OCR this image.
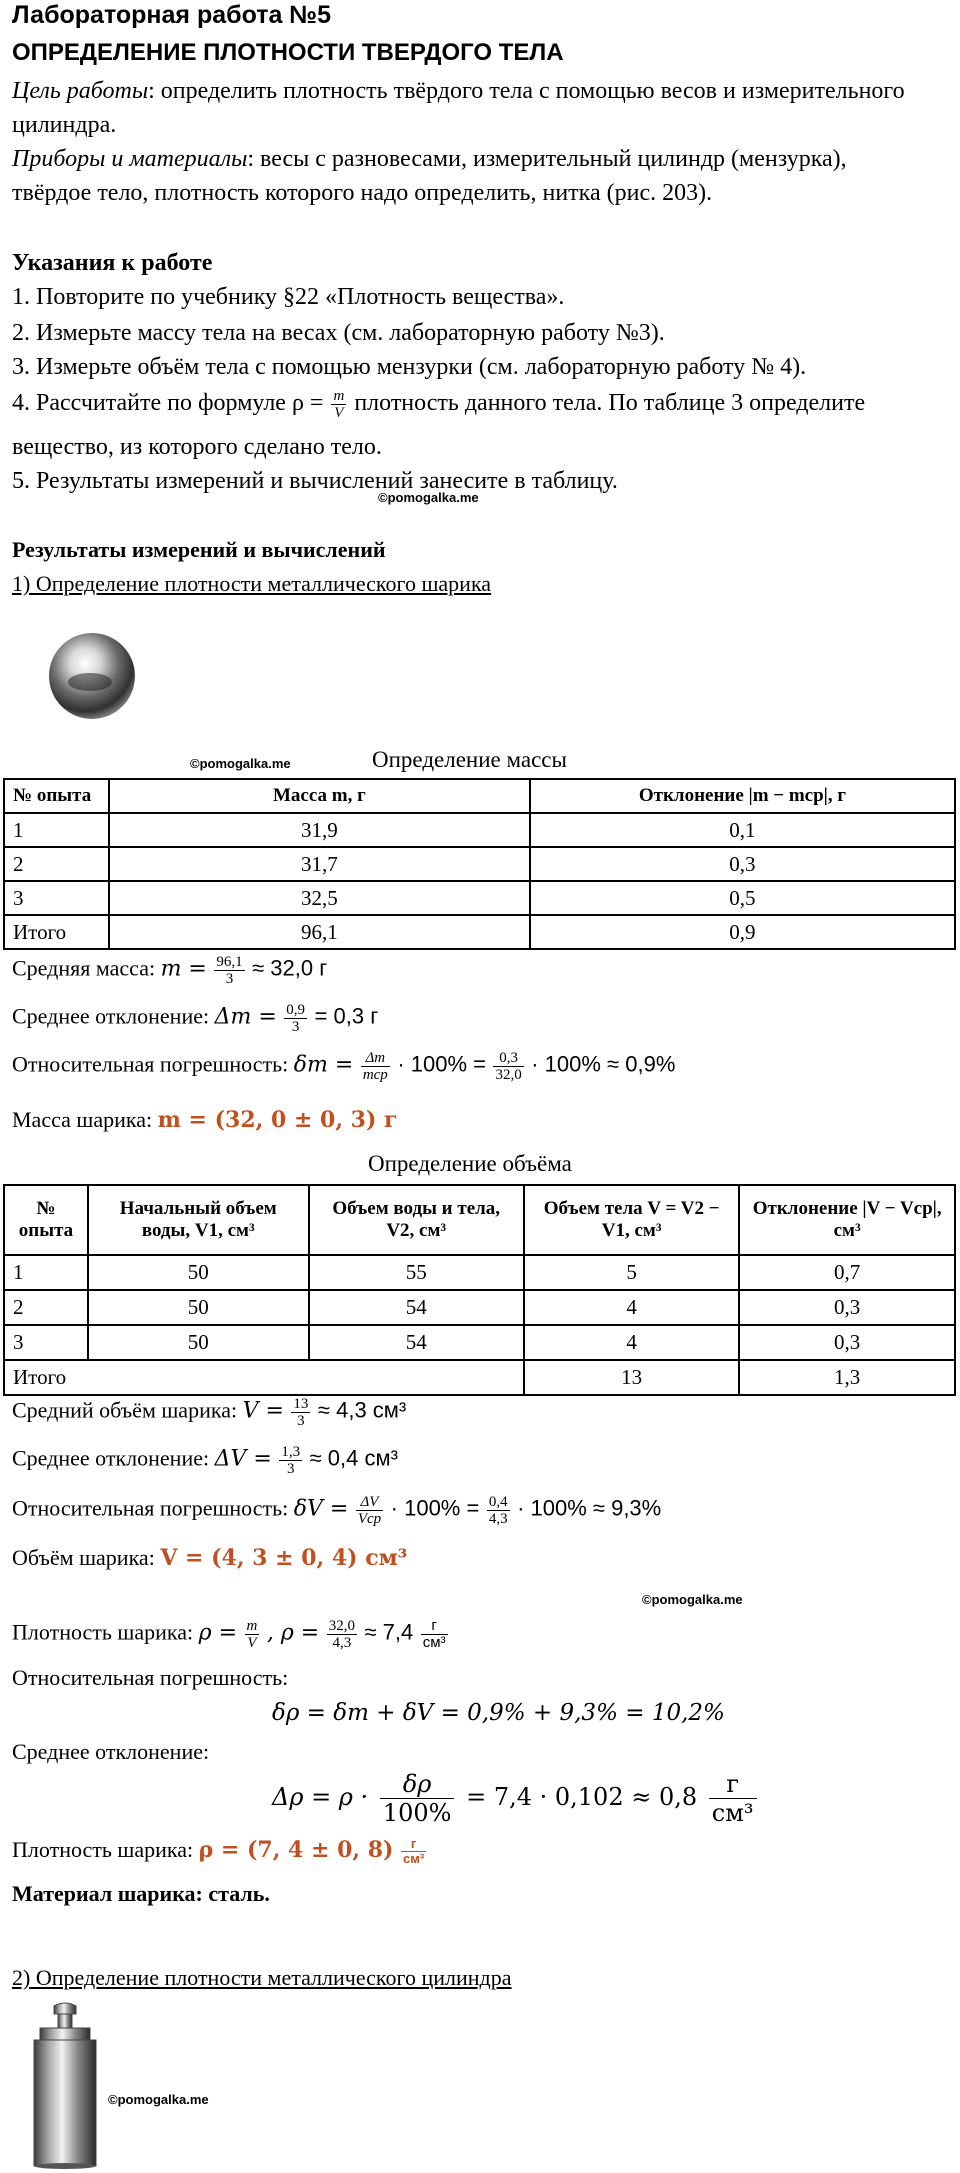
Лабораторная работа №5
ОПРЕДЕЛЕНИЕ ПЛОТНОСТИ ТВЕРДОГО ТЕЛА
Цель работы: определить плотность твёрдого тела с помощью весов и измерительного
цилиндра.
Приборы и материалы: весы с разновесами, измерительный цилиндр (мензурка),
твёрдое тело, плотность которого надо определить, нитка (рис. 203).
Указания к работе
1. Повторите по учебнику §22 «Плотность вещества».
2. Измерьте массу тела на весах (см. лабораторную работу №3).
3. Измерьте объём тела с помощью мензурки (см. лабораторную работу № 4).
4. Рассчитайте по формуле $\rho = \frac{m}{V}$ плотность данного тела. По таблице 3 определите
вещество, из которого сделано тело.
5. Результаты измерений и вычислений занесите в таблицу.
©pomogalka.me
Результаты измерений и вычислений
1) Определение плотности металлического шарика
©pomogalka.me	Определение массы
№ опыта	Масса m, г	Отклонение |m − mср|, г
1	31,9	0,1
2	31,7	0,3
3	32,5	0,5
Итого	96,1	0,9
Средняя масса: $m = \frac{96,1}{3} \approx 32,0$ г
Среднее отклонение: $\Delta m = \frac{0,9}{3} = 0,3$ г
Относительная погрешность: $\delta m = \frac{\Delta m}{\text{mср}} \cdot 100\% = \frac{0,3}{32,0} \cdot 100\% \approx 0,9\%$
Масса шарика: m = (32, 0 ± 0, 3) г
Определение объёма
№ опыта	Начальный объем воды, V1, см³	Объем воды и тела, V2, см³	Объем тела V = V2 − V1, см³	Отклонение |V − Vср|, см³
1	50	55	5	0,7
2	50	54	4	0,3
3	50	54	4	0,3
Итого			13	1,3
Средний объём шарика: $V = \frac{13}{3} \approx 4,3$ см³
Среднее отклонение: $\Delta V = \frac{1,3}{3} \approx 0,4$ см³
Относительная погрешность: $\delta V = \frac{\Delta V}{\text{Vср}} \cdot 100\% = \frac{0,4}{4,3} \cdot 100\% \approx 9,3\%$
Объём шарика: V = (4, 3 ± 0, 4) см³
©pomogalka.me
Плотность шарика: $\rho = \frac{m}{V}$ , $\rho = \frac{32,0}{4,3} \approx 7,4 \frac{г}{\text{см³}}$
Относительная погрешность:
δρ = δm + δV = 0,9% + 9,3% = 10,2%
Среднее отклонение:
$\Delta\rho = \rho \cdot \frac{\delta\rho}{100\%} = 7,4 \cdot 0,102 \approx 0,8$	г
см³
Плотность шарика: ρ = (7, 4 ± 0, $8) \frac{г}{\text{см³}}$
Материал шарика: сталь.
2) Определение плотности металлического цилиндра
©pomogalka.me
